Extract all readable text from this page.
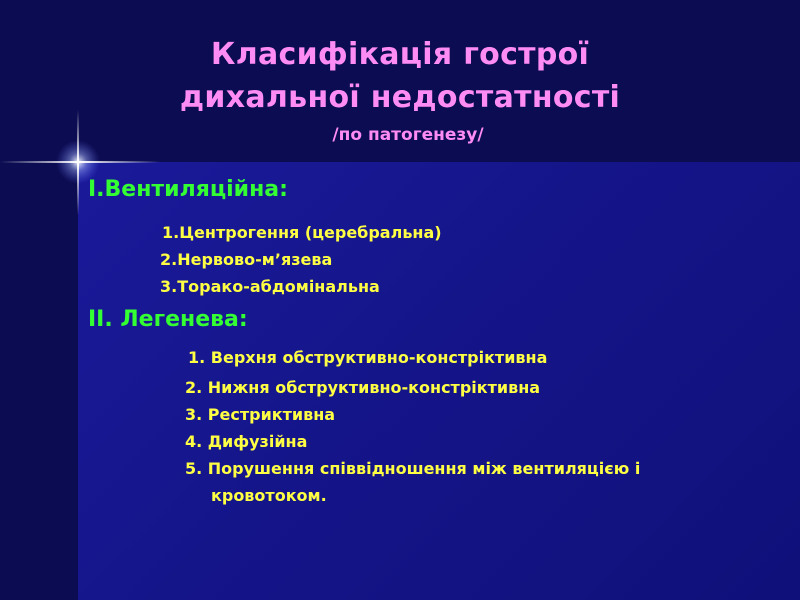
Класифікація гострої
дихальної недостатності
/по патогенезу/
I.Вентиляційна:
1.Центрогення (церебральна)
2.Нервово-м’язева
3.Торако-абдомінальна
II. Легенева:
1. Верхня обструктивно-констріктивна
2. Нижня обструктивно-констріктивна
3. Рестриктивна
4. Дифузійна
5. Порушення співвідношення між вентиляцією і
кровотоком.
